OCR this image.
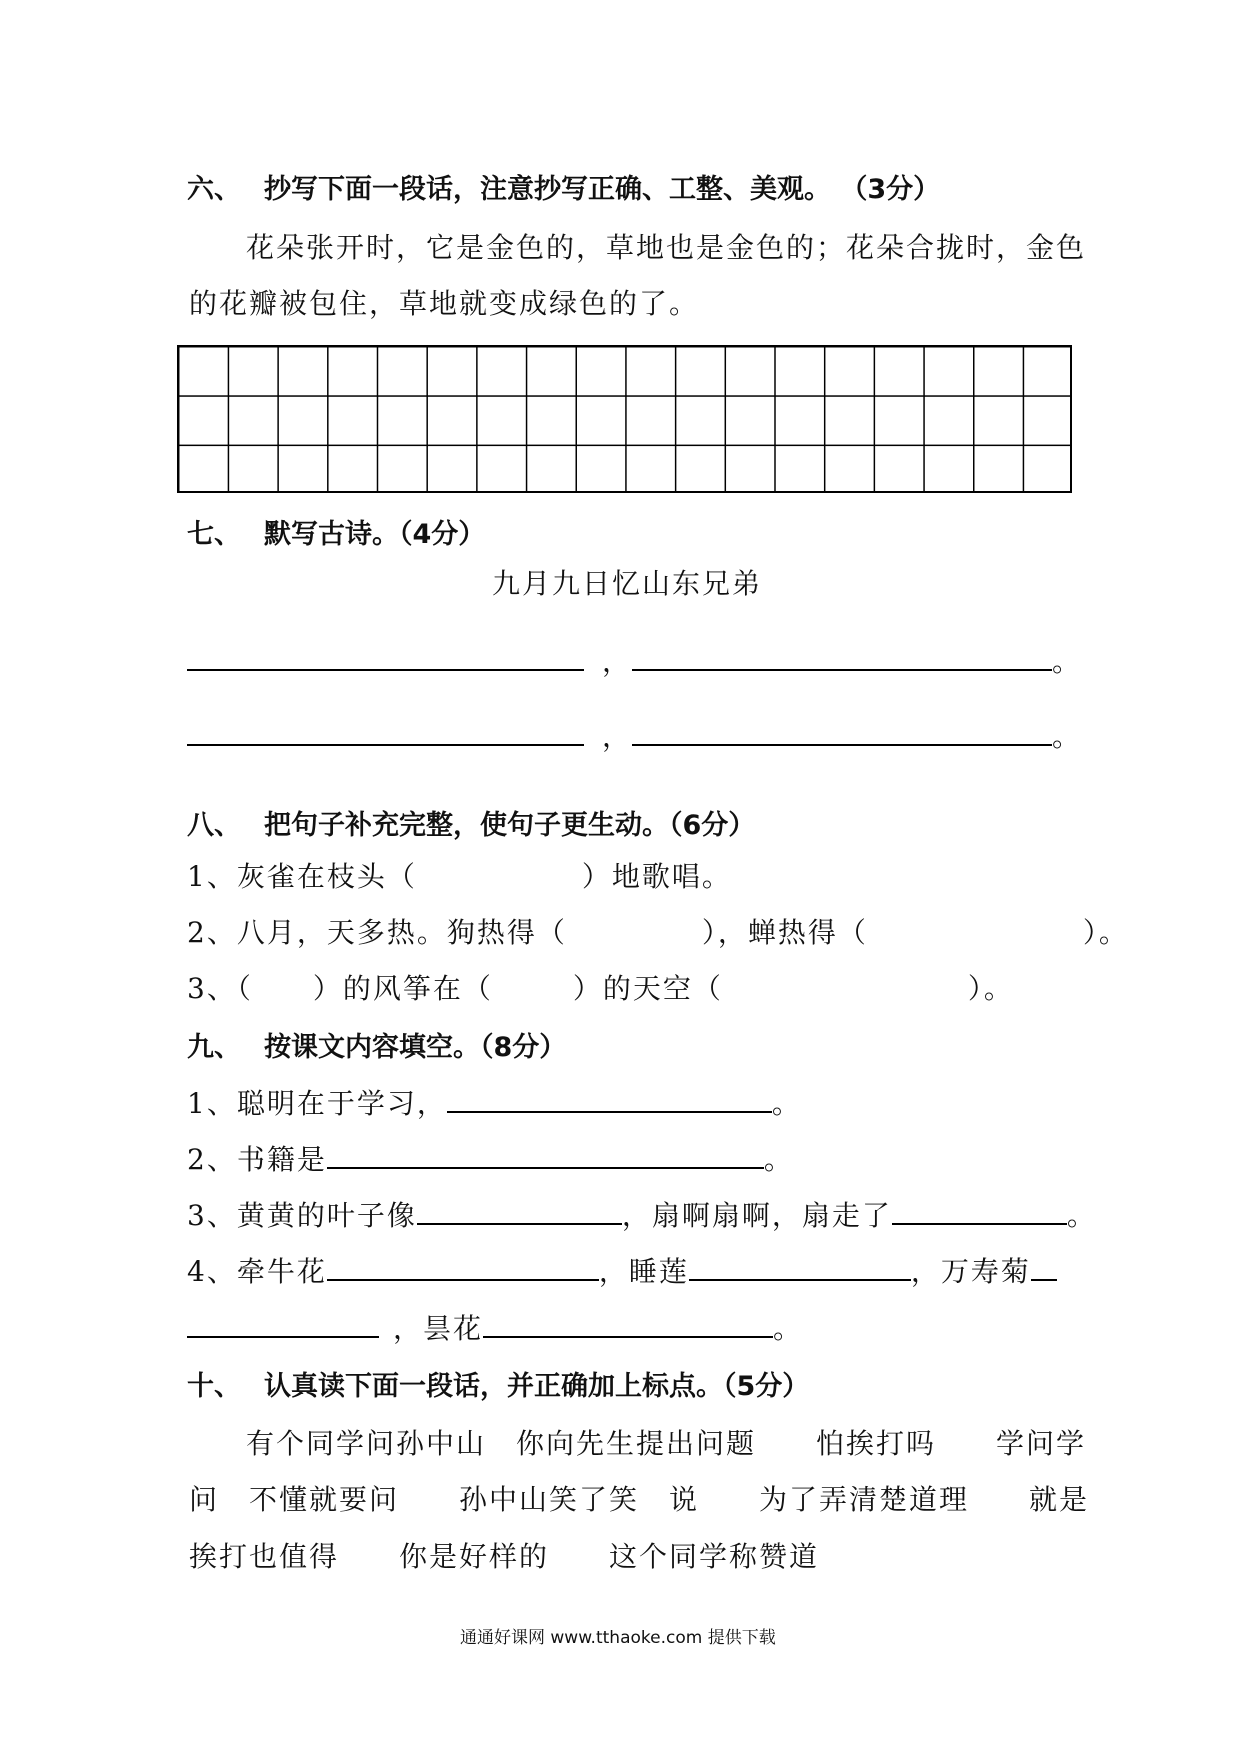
六、 抄写下面一段话，注意抄写正确、工整、美观。 （3分）
花朵张开时，它是金色的，草地也是金色的；花朵合拢时，金色
的花瓣被包住，草地就变成绿色的了。
七、 默写古诗。（4分）
九月九日忆山东兄弟
，	。
，	。
八、 把句子补充完整，使句子更生动。（6分）
1、灰雀在枝头（	）地歌唱。
2、八月，天多热。狗热得（	），蝉热得（	）。
3、（ ）的风筝在（	）的天空（	）。
九、 按课文内容填空。（8分）
1、聪明在于学习，	。
2、书籍是	。
3、黄黄的叶子像	，扇啊扇啊，扇走了	。
4、牵牛花	，睡莲	，万寿菊
，昙花	。
十、 认真读下面一段话，并正确加上标点。（5分）
有个同学问孙中山　你向先生提出问题　　怕挨打吗　　学问学
问　不懂就要问　　孙中山笑了笑　说　　为了弄清楚道理　　就是
挨打也值得　　你是好样的　　这个同学称赞道
通通好课网 www.tthaoke.com 提供下载
